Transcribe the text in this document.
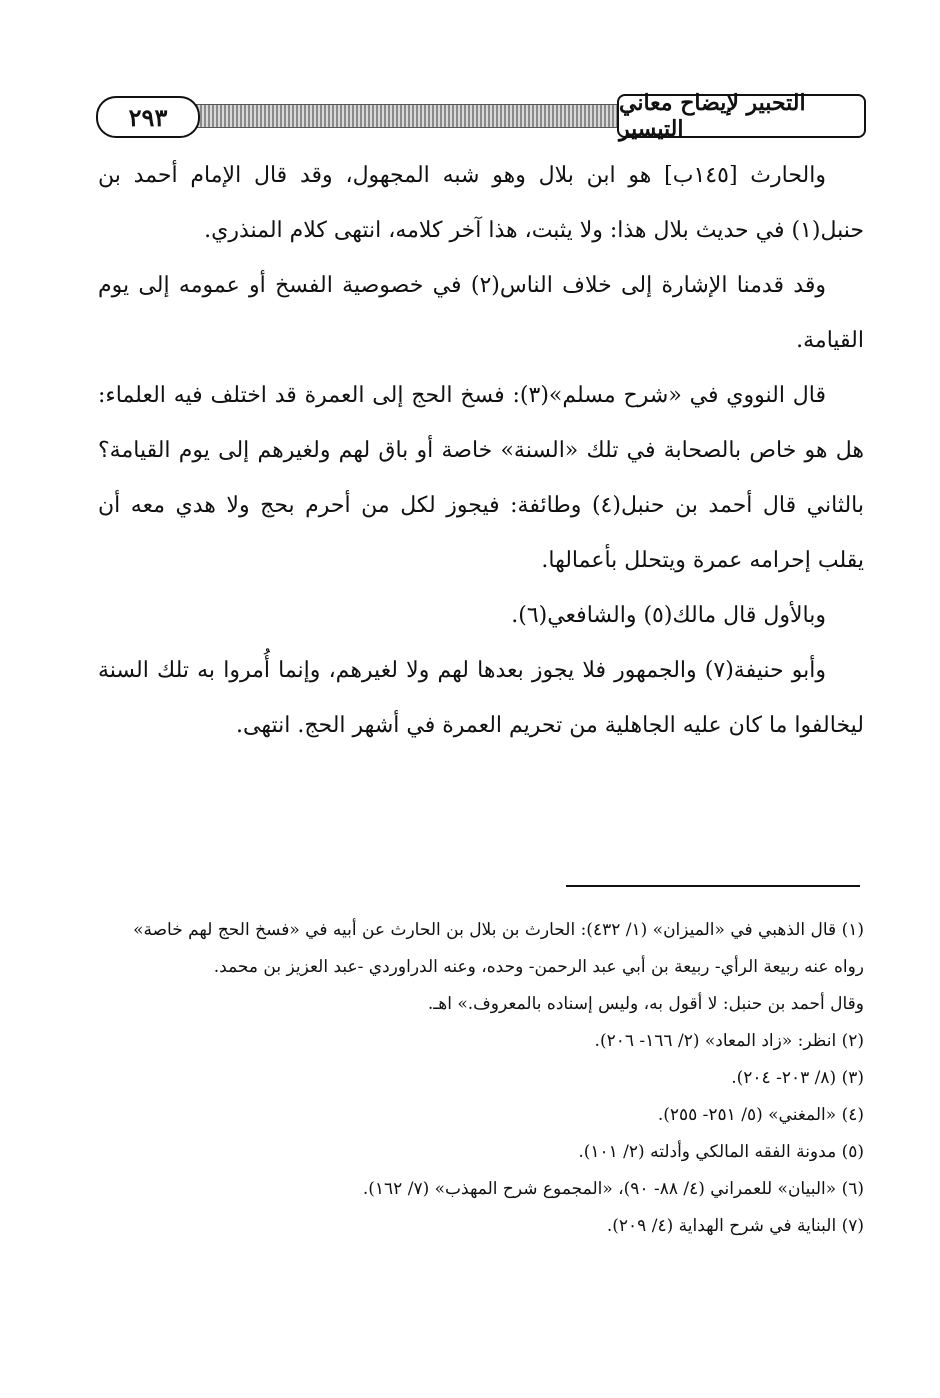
٢٩٣	التحبير لإيضاح معاني التيسير

والحارث [١٤٥ب] هو ابن بلال وهو شبه المجهول، وقد قال الإمام أحمد بن حنبل(١) في حديث بلال هذا: ولا يثبت، هذا آخر كلامه، انتهى كلام المنذري.

وقد قدمنا الإشارة إلى خلاف الناس(٢) في خصوصية الفسخ أو عمومه إلى يوم القيامة.

قال النووي في «شرح مسلم»(٣): فسخ الحج إلى العمرة قد اختلف فيه العلماء: هل هو خاص بالصحابة في تلك «السنة» خاصة أو باق لهم ولغيرهم إلى يوم القيامة؟ بالثاني قال أحمد بن حنبل(٤) وطائفة: فيجوز لكل من أحرم بحج ولا هدي معه أن يقلب إحرامه عمرة ويتحلل بأعمالها.

وبالأول قال مالك(٥) والشافعي(٦).

وأبو حنيفة(٧) والجمهور فلا يجوز بعدها لهم ولا لغيرهم، وإنما أُمروا به تلك السنة ليخالفوا ما كان عليه الجاهلية من تحريم العمرة في أشهر الحج. انتهى.

(١) قال الذهبي في «الميزان» (١/ ٤٣٢): الحارث بن بلال بن الحارث عن أبيه في «فسخ الحج لهم خاصة» رواه عنه ربيعة الرأي- ربيعة بن أبي عبد الرحمن- وحده، وعنه الدراوردي -عبد العزيز بن محمد.

وقال أحمد بن حنبل: لا أقول به، وليس إسناده بالمعروف.» اهـ.

(٢) انظر: «زاد المعاد» (٢/ ١٦٦- ٢٠٦).

(٣) (٨/ ٢٠٣- ٢٠٤).

(٤) «المغني» (٥/ ٢٥١- ٢٥٥).

(٥) مدونة الفقه المالكي وأدلته (٢/ ١٠١).

(٦) «البيان» للعمراني (٤/ ٨٨- ٩٠)، «المجموع شرح المهذب» (٧/ ١٦٢).

(٧) البناية في شرح الهداية (٤/ ٢٠٩).
